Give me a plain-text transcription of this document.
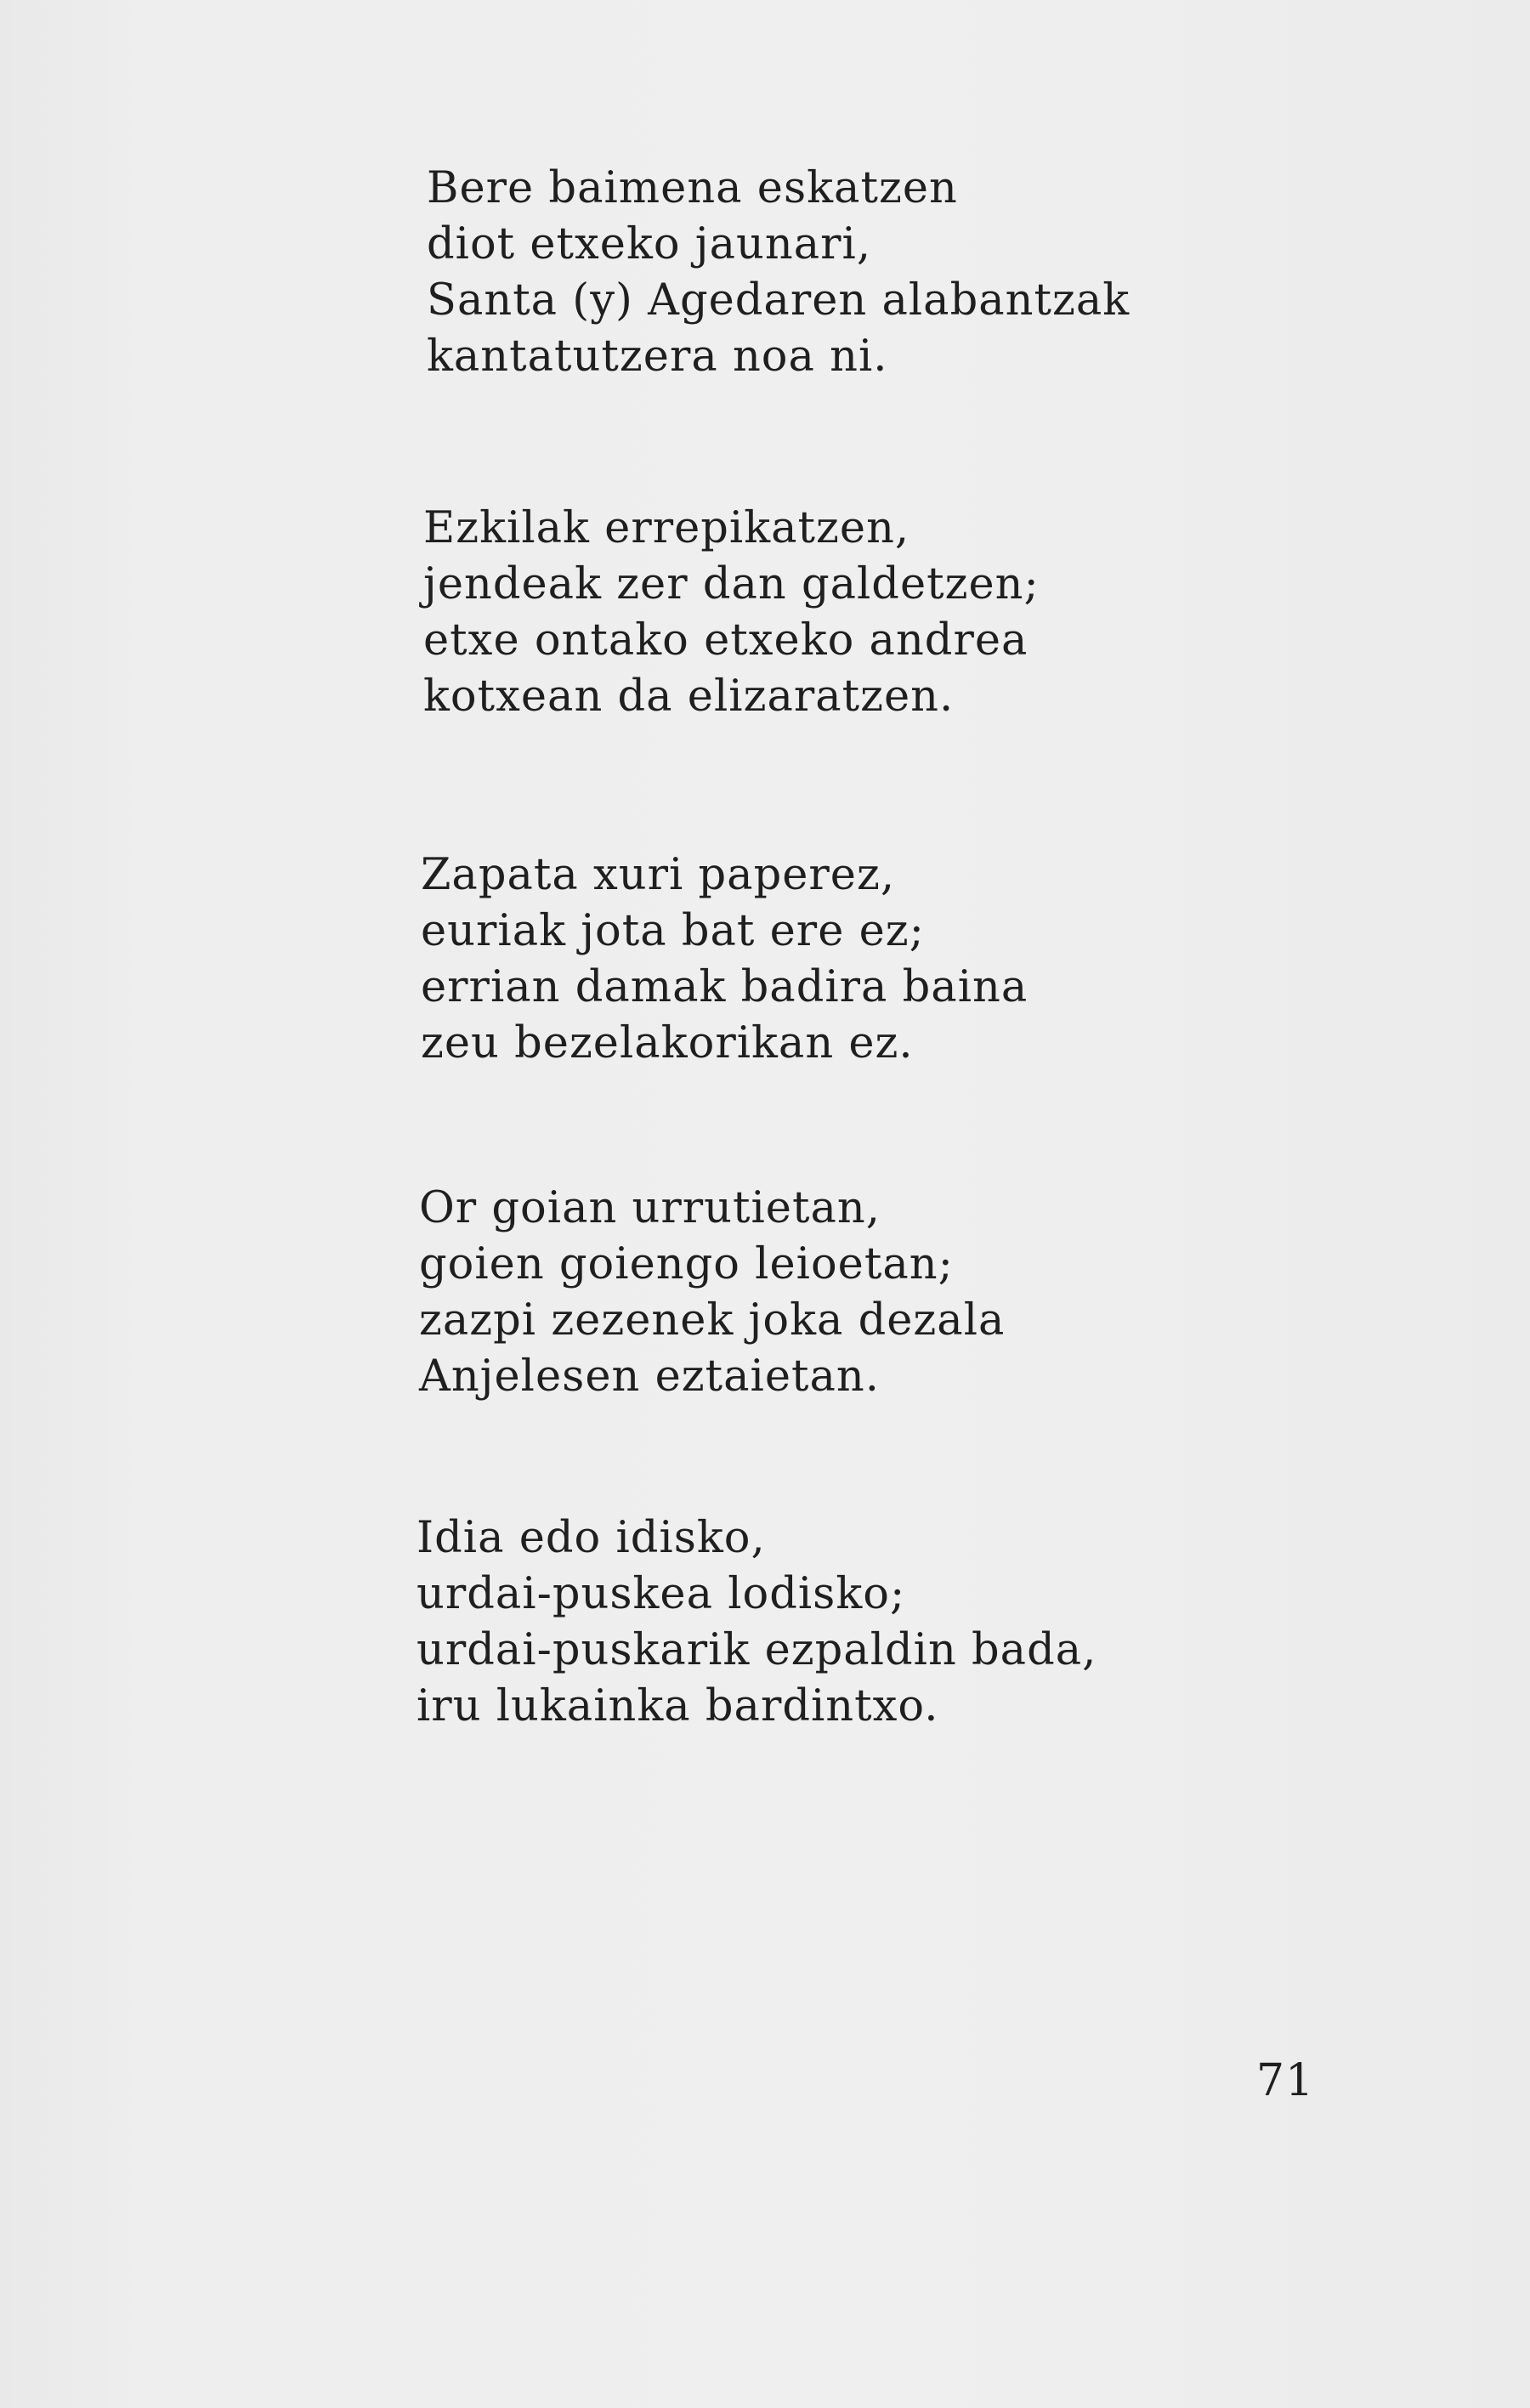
Bere baimena eskatzen
diot etxeko jaunari,
Santa (y) Agedaren alabantzak
kantatutzera noa ni.
Ezkilak errepikatzen,
jendeak zer dan galdetzen;
etxe ontako etxeko andrea
kotxean da elizaratzen.
Zapata xuri paperez,
euriak jota bat ere ez;
errian damak badira baina
zeu bezelakorikan ez.
Or goian urrutietan,
goien goiengo leioetan;
zazpi zezenek joka dezala
Anjelesen eztaietan.
Idia edo idisko,
urdai-puskea lodisko;
urdai-puskarik ezpaldin bada,
iru lukainka bardintxo.
71
